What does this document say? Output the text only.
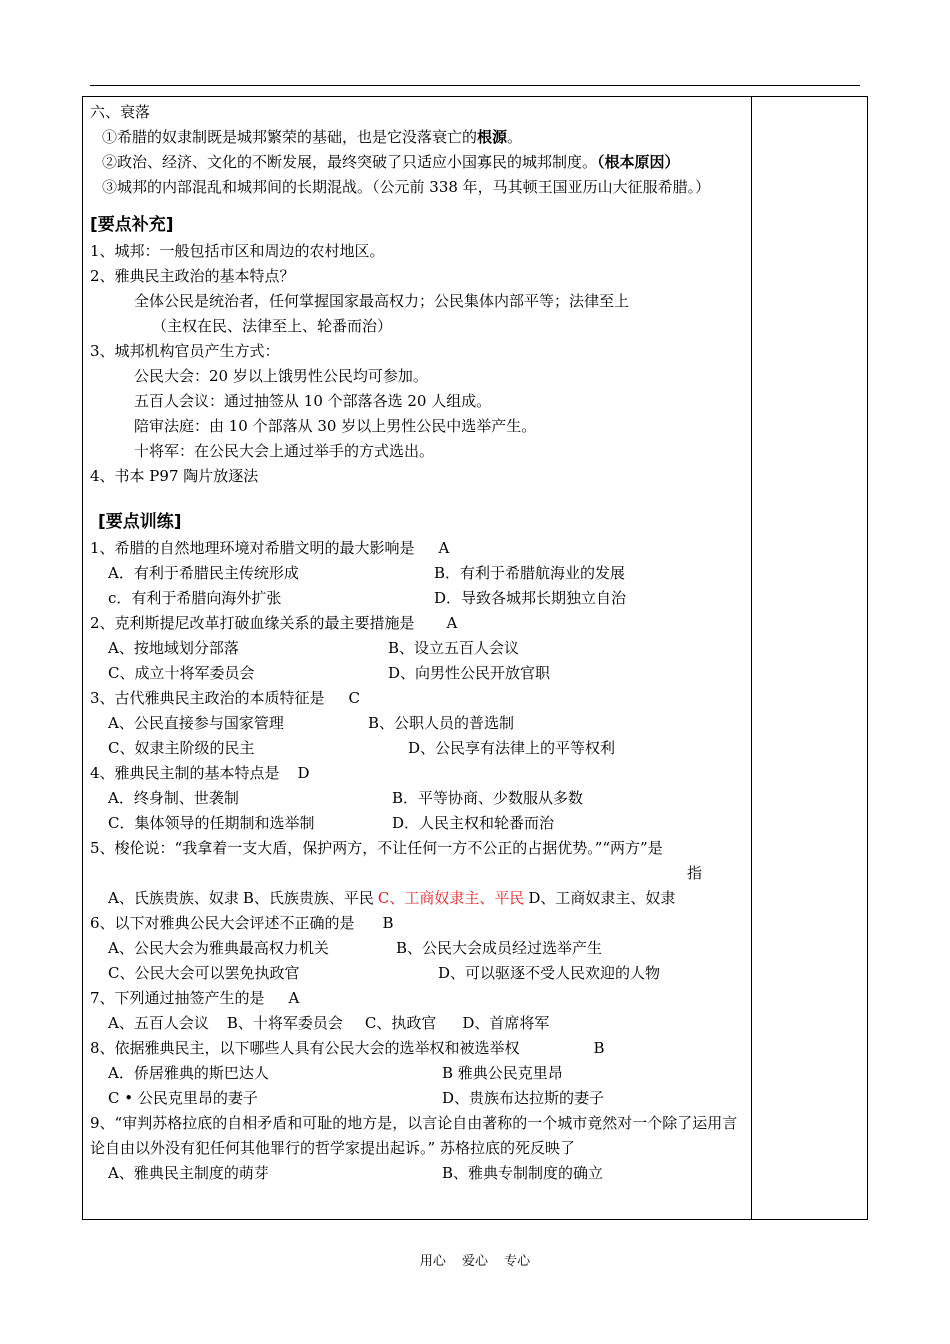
六、衰落
①希腊的奴隶制既是城邦繁荣的基础，也是它没落衰亡的根源。
②政治、经济、文化的不断发展，最终突破了只适应小国寡民的城邦制度。（根本原因）
③城邦的内部混乱和城邦间的长期混战。（公元前 338 年，马其顿王国亚历山大征服希腊。）
[要点补充]
1、城邦：一般包括市区和周边的农村地区。
2、雅典民主政治的基本特点？
全体公民是统治者，任何掌握国家最高权力；公民集体内部平等；法律至上
（主权在民、法律至上、轮番而治）
3、城邦机构官员产生方式：
公民大会：20 岁以上饿男性公民均可参加。
五百人会议：通过抽签从 10 个部落各选 20 人组成。
陪审法庭：由 10 个部落从 30 岁以上男性公民中选举产生。
十将军：在公民大会上通过举手的方式选出。
4、书本 P97 陶片放逐法
[要点训练]
1、希腊的自然地理环境对希腊文明的最大影响是 A
A．有利于希腊民主传统形成	B．有利于希腊航海业的发展
c．有利于希腊向海外扩张	D．导致各城邦长期独立自治
2、克利斯提尼改革打破血缘关系的最主要措施是 A
A、按地域划分部落	B、设立五百人会议
C、成立十将军委员会	D、向男性公民开放官职
3、古代雅典民主政治的本质特征是 C
A、公民直接参与国家管理	B、公职人员的普选制
C、奴隶主阶级的民主	D、公民享有法律上的平等权利
4、雅典民主制的基本特点是 D
A．终身制、世袭制	B．平等协商、少数服从多数
C．集体领导的任期制和选举制	D．人民主权和轮番而治
5、梭伦说：“我拿着一支大盾，保护两方，不让任何一方不公正的占据优势。”“两方”是
指
A、氏族贵族、奴隶 B、氏族贵族、平民 C、工商奴隶主、平民 D、工商奴隶主、奴隶
6、以下对雅典公民大会评述不正确的是 B
A、公民大会为雅典最高权力机关	B、公民大会成员经过选举产生
C、公民大会可以罢免执政官	D、可以驱逐不受人民欢迎的人物
7、下列通过抽签产生的是 A
A、五百人会议 B、十将军委员会 C、执政官 D、首席将军
8、依据雅典民主，以下哪些人具有公民大会的选举权和被选举权	B
A．侨居雅典的斯巴达人	B 雅典公民克里昂
C • 公民克里昂的妻子	D、贵族布达拉斯的妻子
9、“审判苏格拉底的自相矛盾和可耻的地方是，以言论自由著称的一个城市竟然对一个除了运用言论自由以外没有犯任何其他罪行的哲学家提出起诉。” 苏格拉底的死反映了
A、雅典民主制度的萌芽	B、雅典专制制度的确立
用心 爱心 专心
